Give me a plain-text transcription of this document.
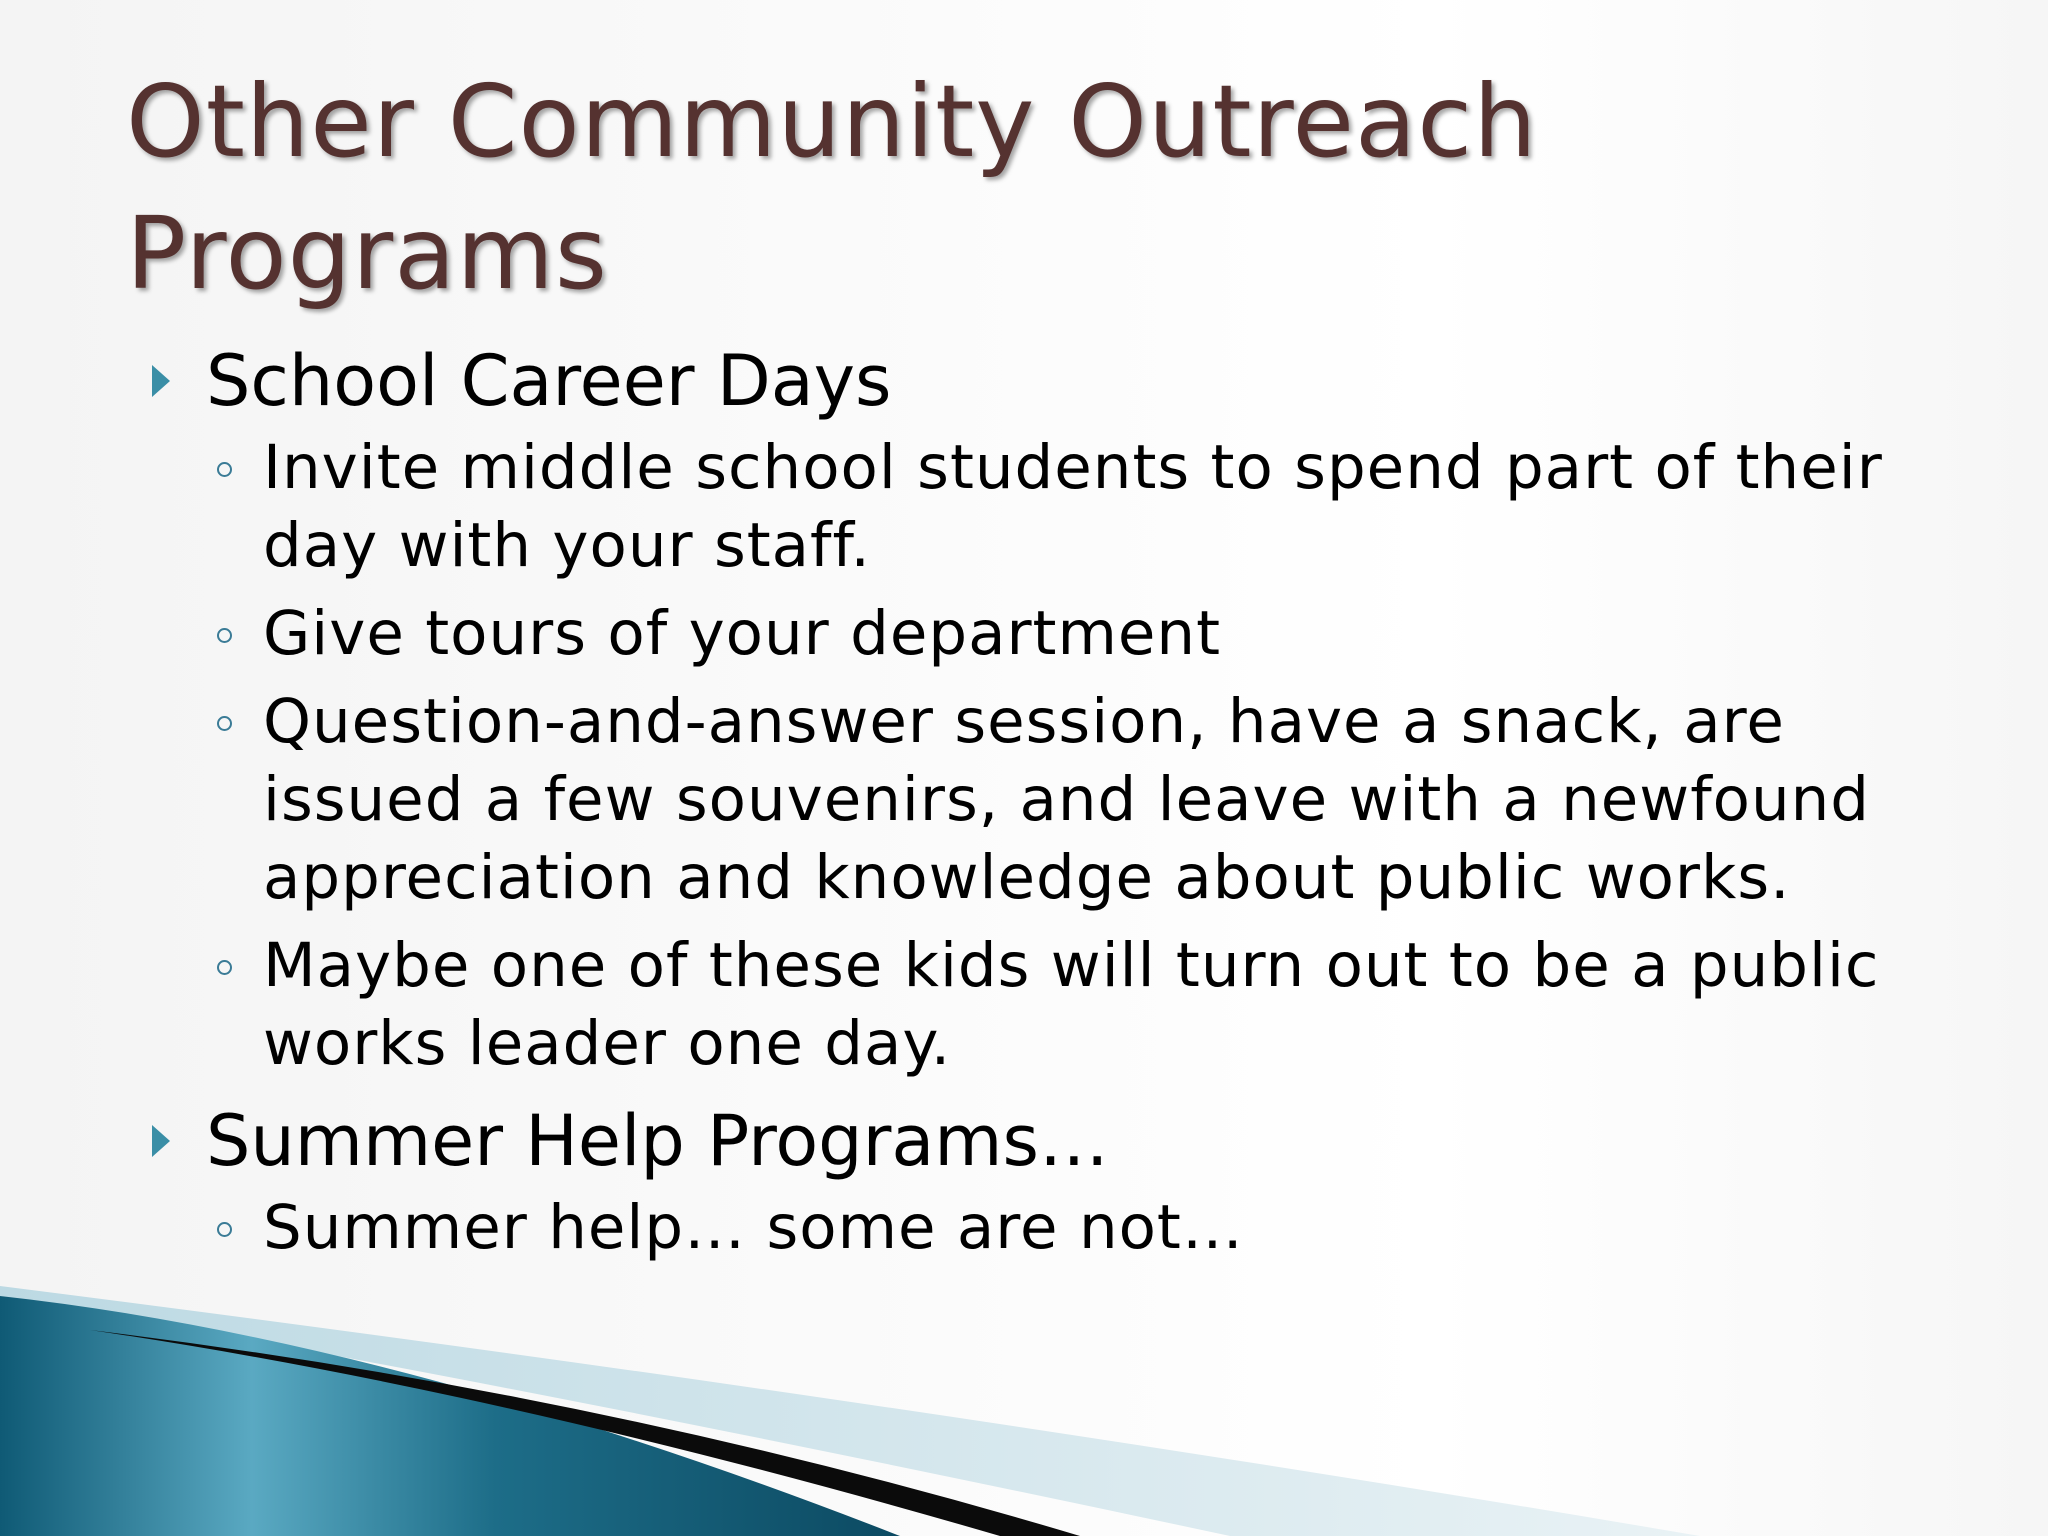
Other Community Outreach Programs

School Career Days

Invite middle school students to spend part of their day with your staff.

Give tours of your department

Question-and-answer session, have a snack, are issued a few souvenirs, and leave with a newfound appreciation and knowledge about public works.

Maybe one of these kids will turn out to be a public works leader one day.

Summer Help Programs…

Summer help… some are not…
